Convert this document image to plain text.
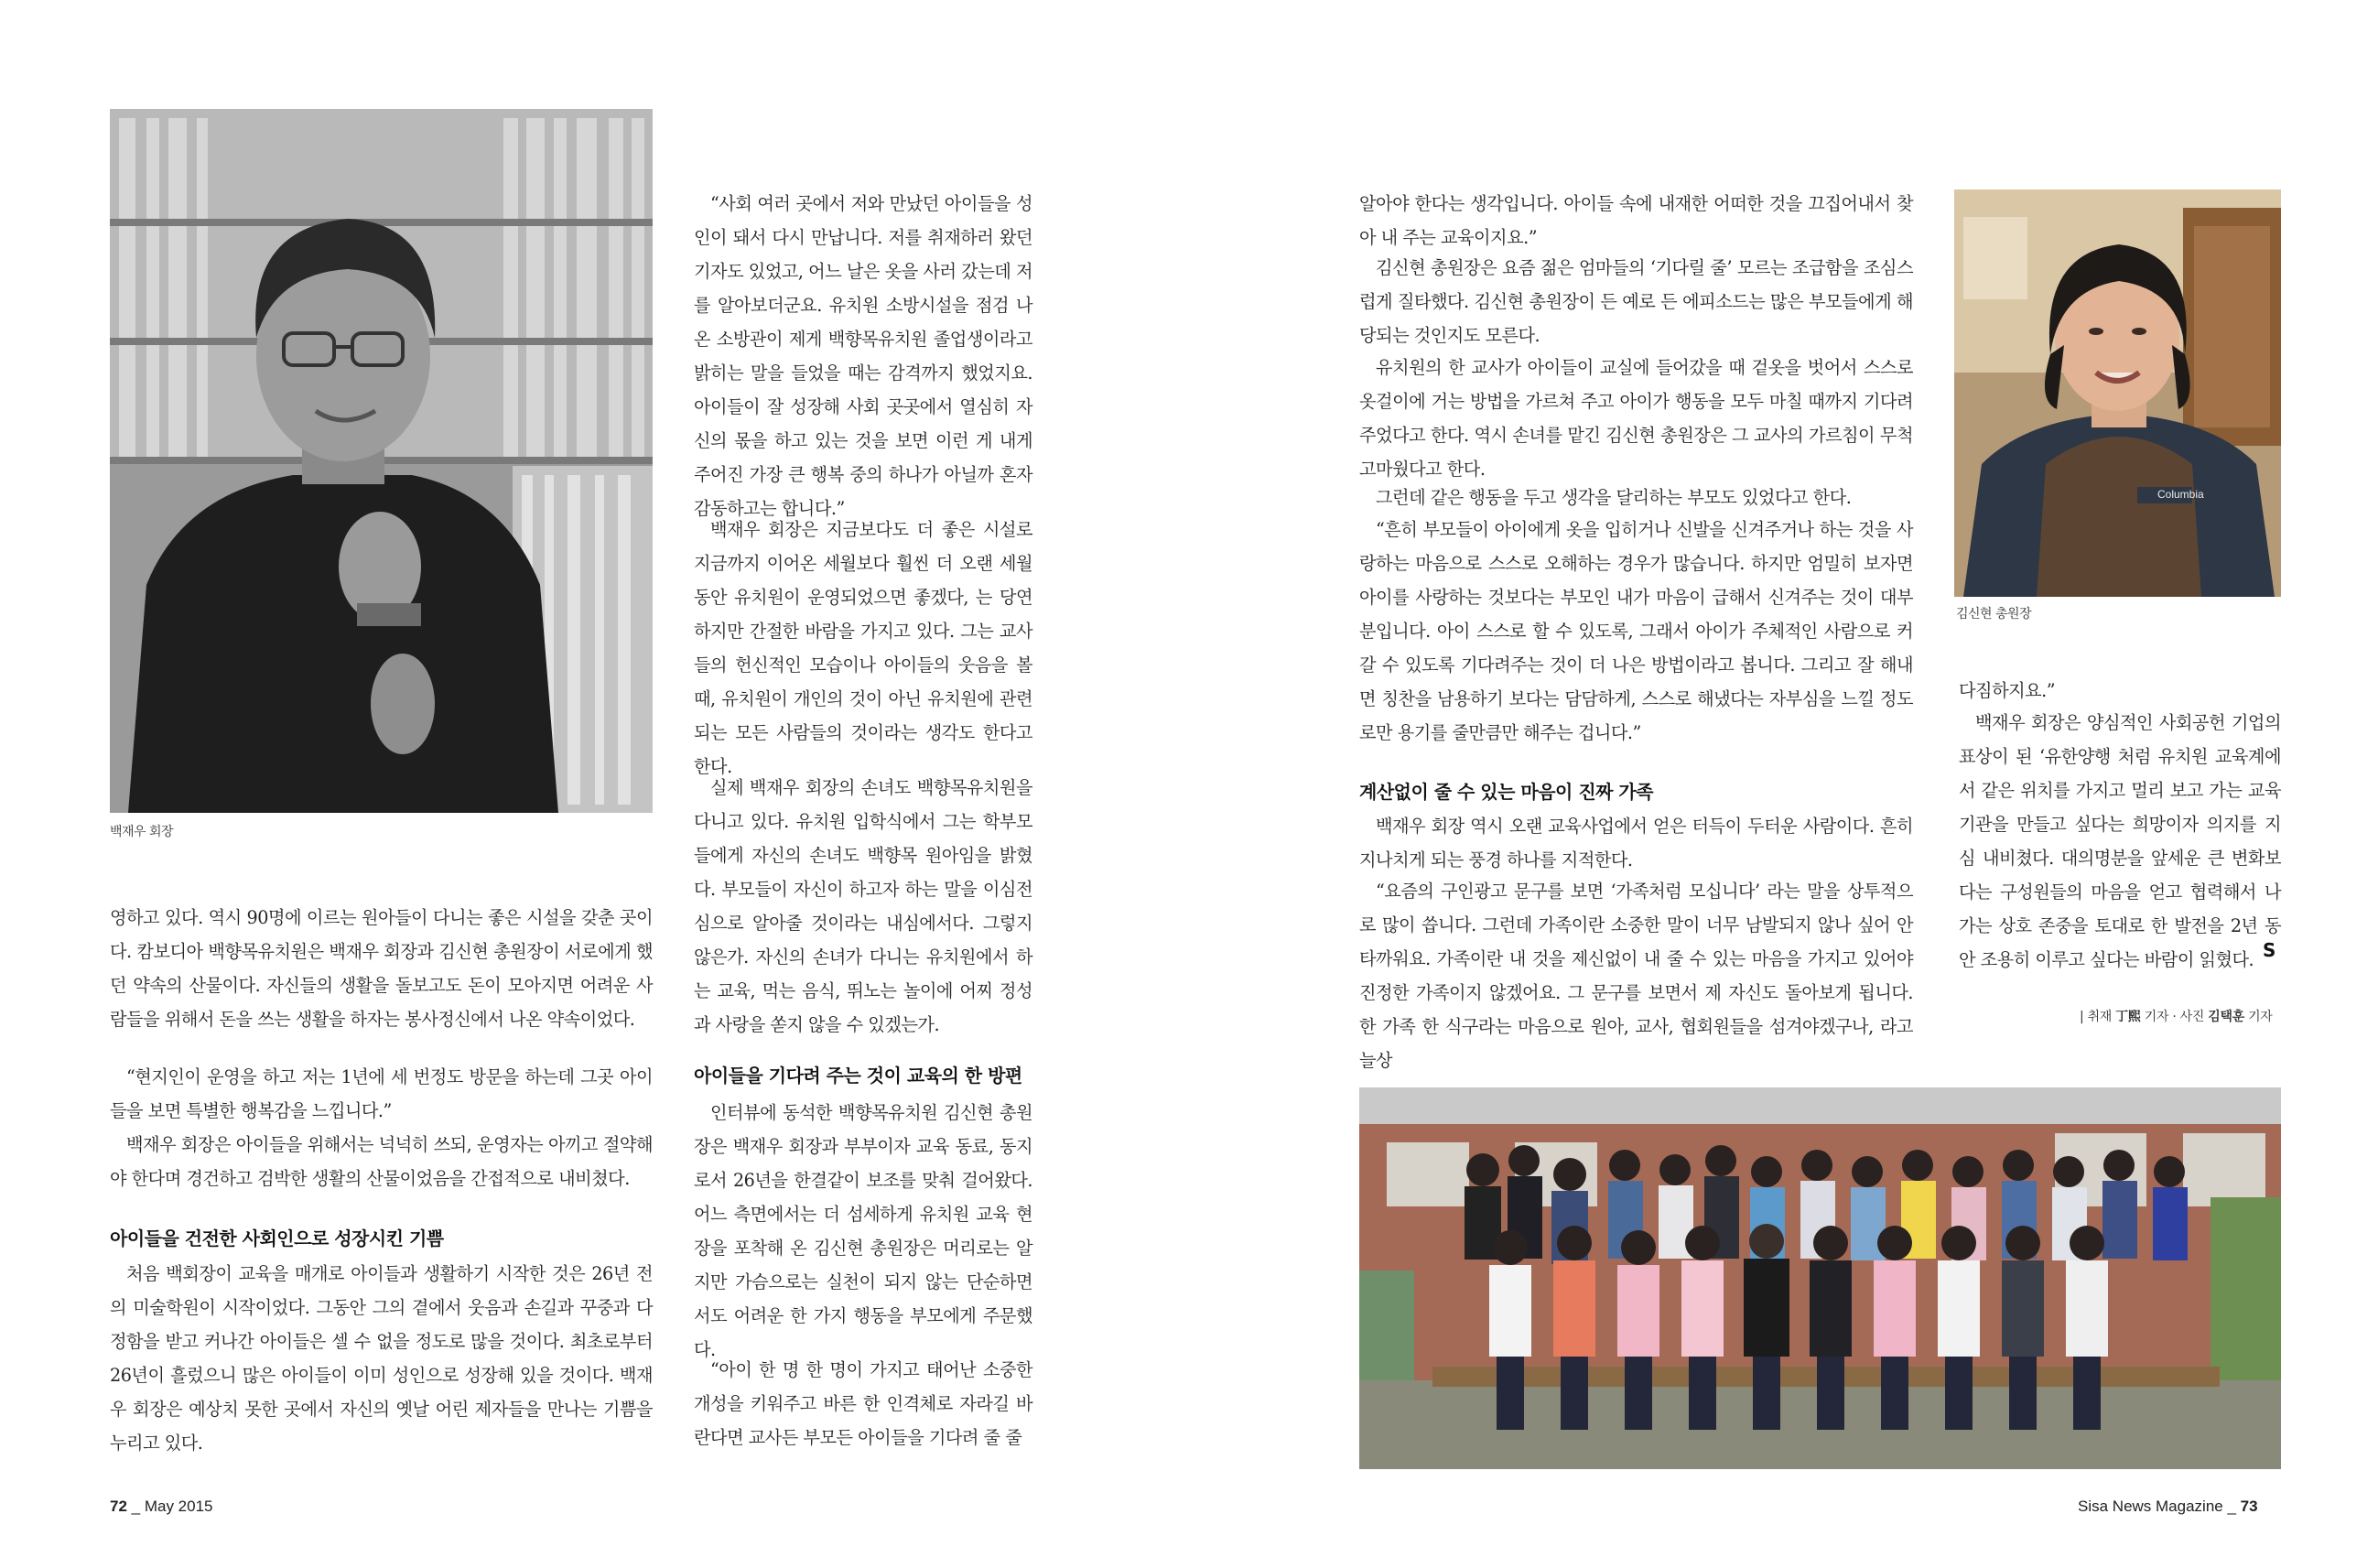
백재우 회장

영하고 있다. 역시 90명에 이르는 원아들이 다니는 좋은 시설을 갖춘 곳이다. 캄보디아 백향목유치원은 백재우 회장과 김신현 총원장이 서로에게 했던 약속의 산물이다. 자신들의 생활을 돌보고도 돈이 모아지면 어려운 사람들을 위해서 돈을 쓰는 생활을 하자는 봉사정신에서 나온 약속이었다.

“현지인이 운영을 하고 저는 1년에 세 번정도 방문을 하는데 그곳 아이들을 보면 특별한 행복감을 느낍니다.”

백재우 회장은 아이들을 위해서는 넉넉히 쓰되, 운영자는 아끼고 절약해야 한다며 경건하고 검박한 생활의 산물이었음을 간접적으로 내비쳤다.

아이들을 건전한 사회인으로 성장시킨 기쁨

처음 백회장이 교육을 매개로 아이들과 생활하기 시작한 것은 26년 전의 미술학원이 시작이었다. 그동안 그의 곁에서 웃음과 손길과 꾸중과 다정함을 받고 커나간 아이들은 셀 수 없을 정도로 많을 것이다. 최초로부터 26년이 흘렀으니 많은 아이들이 이미 성인으로 성장해 있을 것이다. 백재우 회장은 예상치 못한 곳에서 자신의 옛날 어린 제자들을 만나는 기쁨을 누리고 있다.

“사회 여러 곳에서 저와 만났던 아이들을 성인이 돼서 다시 만납니다. 저를 취재하러 왔던 기자도 있었고, 어느 날은 옷을 사러 갔는데 저를 알아보더군요. 유치원 소방시설을 점검 나온 소방관이 제게 백향목유치원 졸업생이라고 밝히는 말을 들었을 때는 감격까지 했었지요. 아이들이 잘 성장해 사회 곳곳에서 열심히 자신의 몫을 하고 있는 것을 보면 이런 게 내게 주어진 가장 큰 행복 중의 하나가 아닐까 혼자 감동하고는 합니다.”

백재우 회장은 지금보다도 더 좋은 시설로 지금까지 이어온 세월보다 훨씬 더 오랜 세월 동안 유치원이 운영되었으면 좋겠다, 는 당연하지만 간절한 바람을 가지고 있다. 그는 교사들의 헌신적인 모습이나 아이들의 웃음을 볼 때, 유치원이 개인의 것이 아닌 유치원에 관련되는 모든 사람들의 것이라는 생각도 한다고 한다.

실제 백재우 회장의 손녀도 백향목유치원을 다니고 있다. 유치원 입학식에서 그는 학부모들에게 자신의 손녀도 백향목 원아임을 밝혔다. 부모들이 자신이 하고자 하는 말을 이심전심으로 알아줄 것이라는 내심에서다. 그렇지 않은가. 자신의 손녀가 다니는 유치원에서 하는 교육, 먹는 음식, 뛰노는 놀이에 어찌 정성과 사랑을 쏟지 않을 수 있겠는가.

아이들을 기다려 주는 것이 교육의 한 방편

인터뷰에 동석한 백향목유치원 김신현 총원장은 백재우 회장과 부부이자 교육 동료, 동지로서 26년을 한결같이 보조를 맞춰 걸어왔다. 어느 측면에서는 더 섬세하게 유치원 교육 현장을 포착해 온 김신현 총원장은 머리로는 알지만 가슴으로는 실천이 되지 않는 단순하면서도 어려운 한 가지 행동을 부모에게 주문했다.

“아이 한 명 한 명이 가지고 태어난 소중한 개성을 키워주고 바른 한 인격체로 자라길 바란다면 교사든 부모든 아이들을 기다려 줄 줄

72 _ May 2015

알아야 한다는 생각입니다. 아이들 속에 내재한 어떠한 것을 끄집어내서 찾아 내 주는 교육이지요.”

김신현 총원장은 요즘 젊은 엄마들의 ‘기다릴 줄’ 모르는 조급함을 조심스럽게 질타했다. 김신현 총원장이 든 예로 든 에피소드는 많은 부모들에게 해당되는 것인지도 모른다.

유치원의 한 교사가 아이들이 교실에 들어갔을 때 겉옷을 벗어서 스스로 옷걸이에 거는 방법을 가르쳐 주고 아이가 행동을 모두 마칠 때까지 기다려 주었다고 한다. 역시 손녀를 맡긴 김신현 총원장은 그 교사의 가르침이 무척 고마웠다고 한다.

그런데 같은 행동을 두고 생각을 달리하는 부모도 있었다고 한다.

“흔히 부모들이 아이에게 옷을 입히거나 신발을 신겨주거나 하는 것을 사랑하는 마음으로 스스로 오해하는 경우가 많습니다. 하지만 엄밀히 보자면 아이를 사랑하는 것보다는 부모인 내가 마음이 급해서 신겨주는 것이 대부분입니다. 아이 스스로 할 수 있도록, 그래서 아이가 주체적인 사람으로 커갈 수 있도록 기다려주는 것이 더 나은 방법이라고 봅니다. 그리고 잘 해내면 칭찬을 남용하기 보다는 담담하게, 스스로 해냈다는 자부심을 느낄 정도로만 용기를 줄만큼만 해주는 겁니다.”

계산없이 줄 수 있는 마음이 진짜 가족

백재우 회장 역시 오랜 교육사업에서 얻은 터득이 두터운 사람이다. 흔히 지나치게 되는 풍경 하나를 지적한다.

“요즘의 구인광고 문구를 보면 ‘가족처럼 모십니다’ 라는 말을 상투적으로 많이 씁니다. 그런데 가족이란 소중한 말이 너무 남발되지 않나 싶어 안타까워요. 가족이란 내 것을 제신없이 내 줄 수 있는 마음을 가지고 있어야 진정한 가족이지 않겠어요. 그 문구를 보면서 제 자신도 돌아보게 됩니다. 한 가족 한 식구라는 마음으로 원아, 교사, 협회원들을 섬겨야겠구나, 라고 늘상

Columbia
김신현 총원장

다짐하지요.”

백재우 회장은 양심적인 사회공헌 기업의 표상이 된 ‘유한양행 처럼 유치원 교육계에서 같은 위치를 가지고 멀리 보고 가는 교육기관을 만들고 싶다는 희망이자 의지를 지심 내비쳤다. 대의명분을 앞세운 큰 변화보다는 구성원들의 마음을 얻고 협력해서 나가는 상호 존중을 토대로 한 발전을 2년 동안 조용히 이루고 싶다는 바람이 읽혔다. S
| 취재 丁熙 기자 · 사진 김택훈 기자
Sisa News Magazine _ 73
